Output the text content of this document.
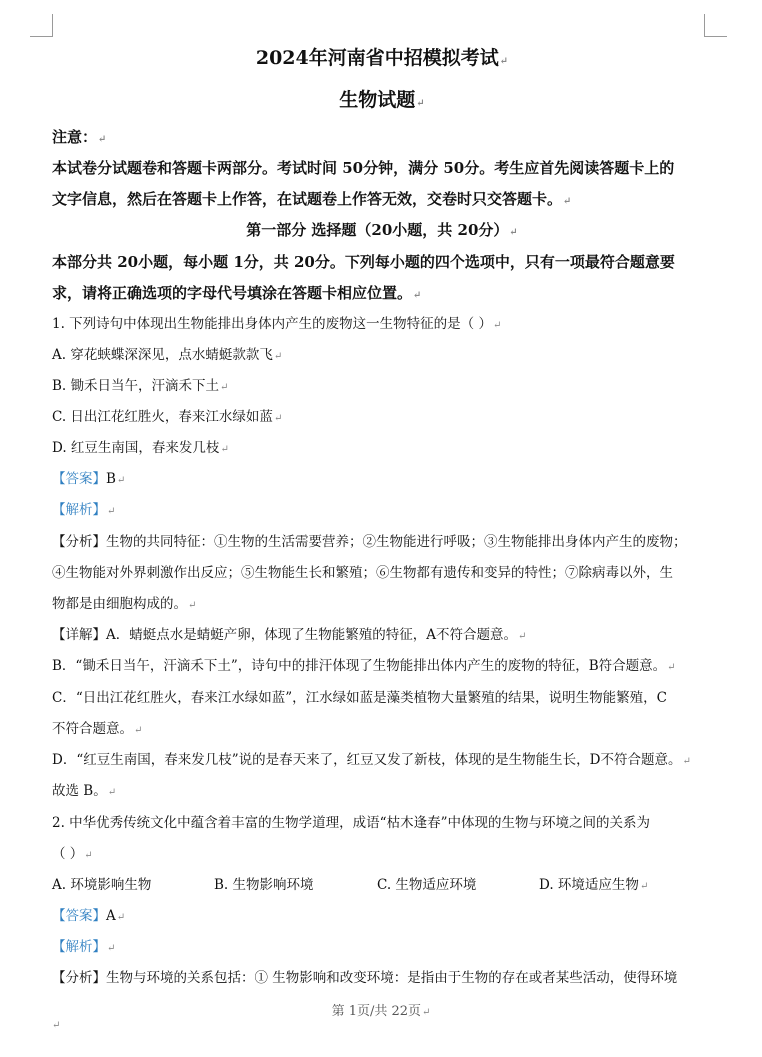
2024年河南省中招模拟考试↵
生物试题↵
注意：↵
本试卷分试题卷和答题卡两部分。考试时间 50分钟，满分 50分。考生应首先阅读答题卡上的
文字信息，然后在答题卡上作答，在试题卷上作答无效，交卷时只交答题卡。↵
第一部分 选择题（20小题，共 20分）↵
本部分共 20小题，每小题 1分，共 20分。下列每小题的四个选项中，只有一项最符合题意要
求，请将正确选项的字母代号填涂在答题卡相应位置。↵
1. 下列诗句中体现出生物能排出身体内产生的废物这一生物特征的是（ ）↵
A. 穿花蛱蝶深深见，点水蜻蜓款款飞↵
B. 锄禾日当午，汗滴禾下土↵
C. 日出江花红胜火，春来江水绿如蓝↵
D. 红豆生南国，春来发几枝↵
【答案】B↵
【解析】↵
【分析】生物的共同特征：①生物的生活需要营养；②生物能进行呼吸；③生物能排出身体内产生的废物；
④生物能对外界刺激作出反应；⑤生物能生长和繁殖；⑥生物都有遗传和变异的特性；⑦除病毒以外，生
物都是由细胞构成的。↵
【详解】A．蜻蜓点水是蜻蜓产卵，体现了生物能繁殖的特征，A不符合题意。↵
B．“锄禾日当午，汗滴禾下土”，诗句中的排汗体现了生物能排出体内产生的废物的特征，B符合题意。↵
C．“日出江花红胜火，春来江水绿如蓝”，江水绿如蓝是藻类植物大量繁殖的结果，说明生物能繁殖，C
不符合题意。↵
D．“红豆生南国，春来发几枝”说的是春天来了，红豆又发了新枝，体现的是生物能生长，D不符合题意。↵
故选 B。↵
2. 中华优秀传统文化中蕴含着丰富的生物学道理，成语“枯木逢春”中体现的生物与环境之间的关系为
（ ）↵
A. 环境影响生物	B. 生物影响环境	C. 生物适应环境	D. 环境适应生物↵
【答案】A↵
【解析】↵
【分析】生物与环境的关系包括：① 生物影响和改变环境：是指由于生物的存在或者某些活动，使得环境
第 1页/共 22页↵
↵
